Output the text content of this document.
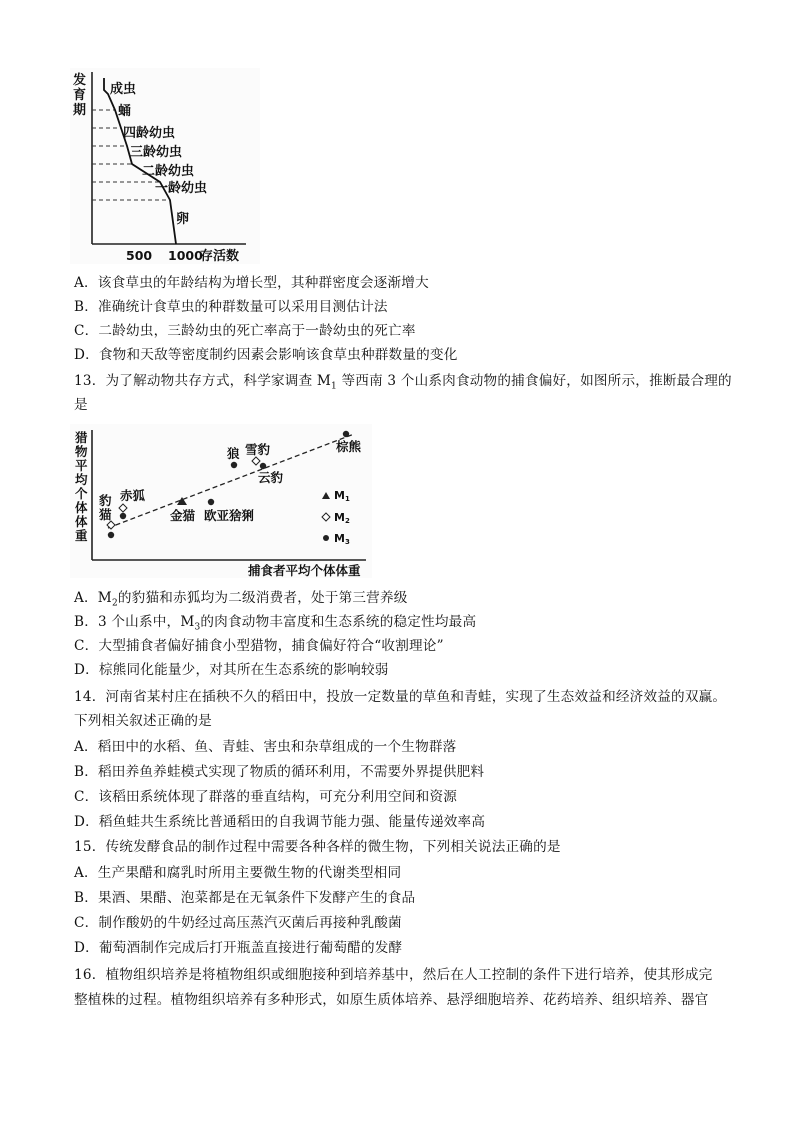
发
育
期
成虫
蛹
四龄幼虫
三龄幼虫
二龄幼虫
一龄幼虫
卵
500 1000
存活数
A．该食草虫的年龄结构为增长型，其种群密度会逐渐增大
B．准确统计食草虫的种群数量可以采用目测估计法
C．二龄幼虫，三龄幼虫的死亡率高于一龄幼虫的死亡率
D．食物和天敌等密度制约因素会影响该食草虫种群数量的变化
13．为了解动物共存方式，科学家调查 $M_1$ 等西南 3 个山系肉食动物的捕食偏好，如图所示，推断最合理的
是
猎
物
平
均
个
体
体
重
豹
猫
赤狐
金猫 欧亚猞猁
狼 雪豹
云豹
棕熊
M1
M2
M3
捕食者平均个体体重
A．$M_2$的豹猫和赤狐均为二级消费者，处于第三营养级
B．3 个山系中，$M_3$的肉食动物丰富度和生态系统的稳定性均最高
C．大型捕食者偏好捕食小型猎物，捕食偏好符合“收割理论”
D．棕熊同化能量少，对其所在生态系统的影响较弱
14．河南省某村庄在插秧不久的稻田中，投放一定数量的草鱼和青蛙，实现了生态效益和经济效益的双赢。
下列相关叙述正确的是
A．稻田中的水稻、鱼、青蛙、害虫和杂草组成的一个生物群落
B．稻田养鱼养蛙模式实现了物质的循环利用，不需要外界提供肥料
C．该稻田系统体现了群落的垂直结构，可充分利用空间和资源
D．稻鱼蛙共生系统比普通稻田的自我调节能力强、能量传递效率高
15．传统发酵食品的制作过程中需要各种各样的微生物，下列相关说法正确的是
A．生产果醋和腐乳时所用主要微生物的代谢类型相同
B．果酒、果醋、泡菜都是在无氧条件下发酵产生的食品
C．制作酸奶的牛奶经过高压蒸汽灭菌后再接种乳酸菌
D．葡萄酒制作完成后打开瓶盖直接进行葡萄醋的发酵
16．植物组织培养是将植物组织或细胞接种到培养基中，然后在人工控制的条件下进行培养，使其形成完
整植株的过程。植物组织培养有多种形式，如原生质体培养、悬浮细胞培养、花药培养、组织培养、器官
